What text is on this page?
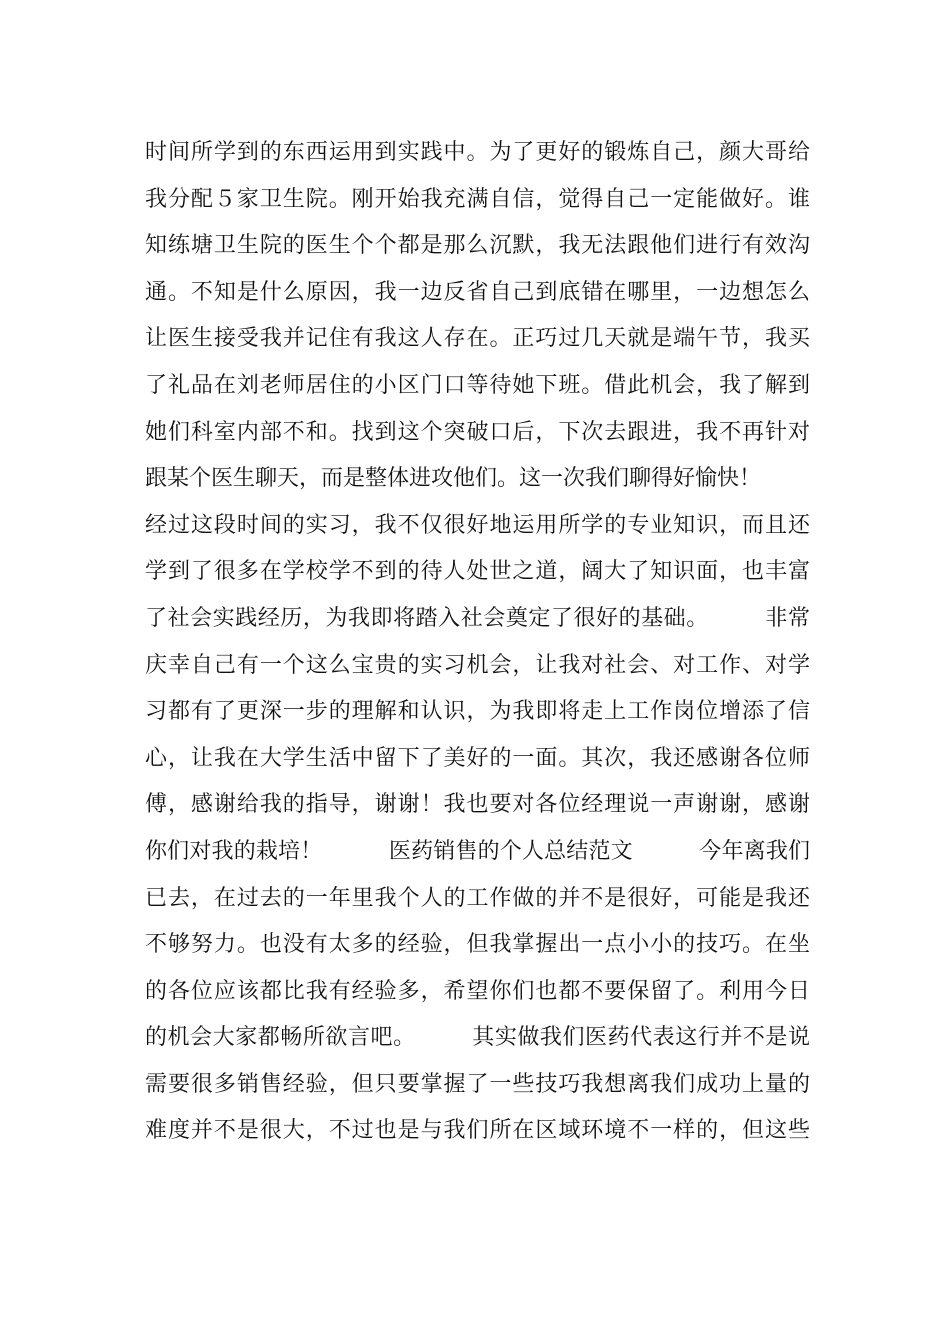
时间所学到的东西运用到实践中。为了更好的锻炼自己，颜大哥给
我分配５家卫生院。刚开始我充满自信，觉得自己一定能做好。谁
知练塘卫生院的医生个个都是那么沉默，我无法跟他们进行有效沟
通。不知是什么原因，我一边反省自己到底错在哪里，一边想怎么
让医生接受我并记住有我这人存在。正巧过几天就是端午节，我买
了礼品在刘老师居住的小区门口等待她下班。借此机会，我了解到
她们科室内部不和。找到这个突破口后，下次去跟进，我不再针对
跟某个医生聊天，而是整体进攻他们。这一次我们聊得好愉快！
经过这段时间的实习，我不仅很好地运用所学的专业知识，而且还
学到了很多在学校学不到的待人处世之道，阔大了知识面，也丰富
了社会实践经历，为我即将踏入社会奠定了很好的基础。　　　非常
庆幸自己有一个这么宝贵的实习机会，让我对社会、对工作、对学
习都有了更深一步的理解和认识，为我即将走上工作岗位增添了信
心，让我在大学生活中留下了美好的一面。其次，我还感谢各位师
傅，感谢给我的指导，谢谢！我也要对各位经理说一声谢谢，感谢
你们对我的栽培！　　　医药销售的个人总结范文　　　今年离我们
已去，在过去的一年里我个人的工作做的并不是很好，可能是我还
不够努力。也没有太多的经验，但我掌握出一点小小的技巧。在坐
的各位应该都比我有经验多，希望你们也都不要保留了。利用今日
的机会大家都畅所欲言吧。　　　其实做我们医药代表这行并不是说
需要很多销售经验，但只要掌握了一些技巧我想离我们成功上量的
难度并不是很大，不过也是与我们所在区域环境不一样的，但这些
